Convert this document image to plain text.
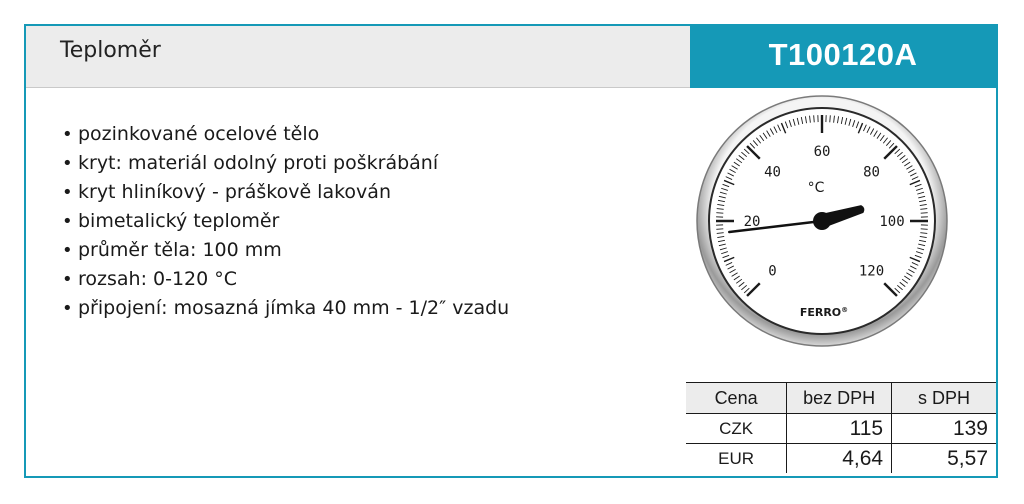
Teploměr	T100120A
• pozinkované ocelové tělo
• kryt: materiál odolný proti poškrábání
• kryt hliníkový - práškově lakován
• bimetalický teploměr
• průměr těla: 100 mm
• rozsah: 0-120 °C
• připojení: mosazná jímka 40 mm - 1/2″ vzadu
Cena	bez DPH	s DPH
CZK	115	139
EUR	4,64	5,57
0
20
40
60
80
100
120
°C
FERRO®
